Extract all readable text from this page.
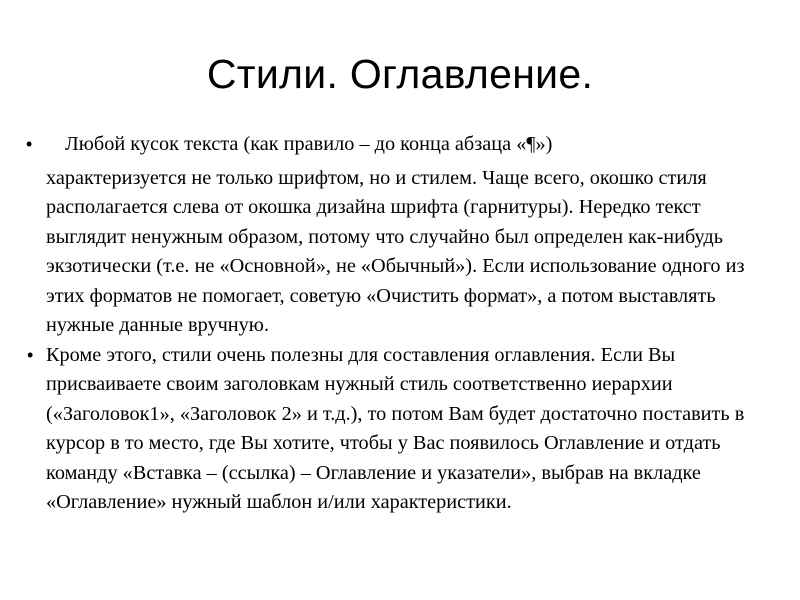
Стили. Оглавление.
•	Любой кусок текста (как правило – до конца абзаца «¶»)
характеризуется не только шрифтом, но и стилем. Чаще всего, окошко стиля располагается слева от окошка дизайна шрифта (гарнитуры). Нередко текст выглядит ненужным образом, потому что случайно был определен как-нибудь экзотически (т.е. не «Основной», не «Обычный»). Если использование одного из этих форматов не помогает, советую «Очистить формат», а потом выставлять нужные данные вручную.
• Кроме этого, стили очень полезны для составления оглавления. Если Вы присваиваете своим заголовкам нужный стиль соответственно иерархии («Заголовок1», «Заголовок 2» и т.д.), то потом Вам будет достаточно поставить в курсор в то место, где Вы хотите, чтобы у Вас появилось Оглавление и отдать команду «Вставка – (ссылка) – Оглавление и указатели», выбрав на вкладке «Оглавление» нужный шаблон и/или характеристики.
